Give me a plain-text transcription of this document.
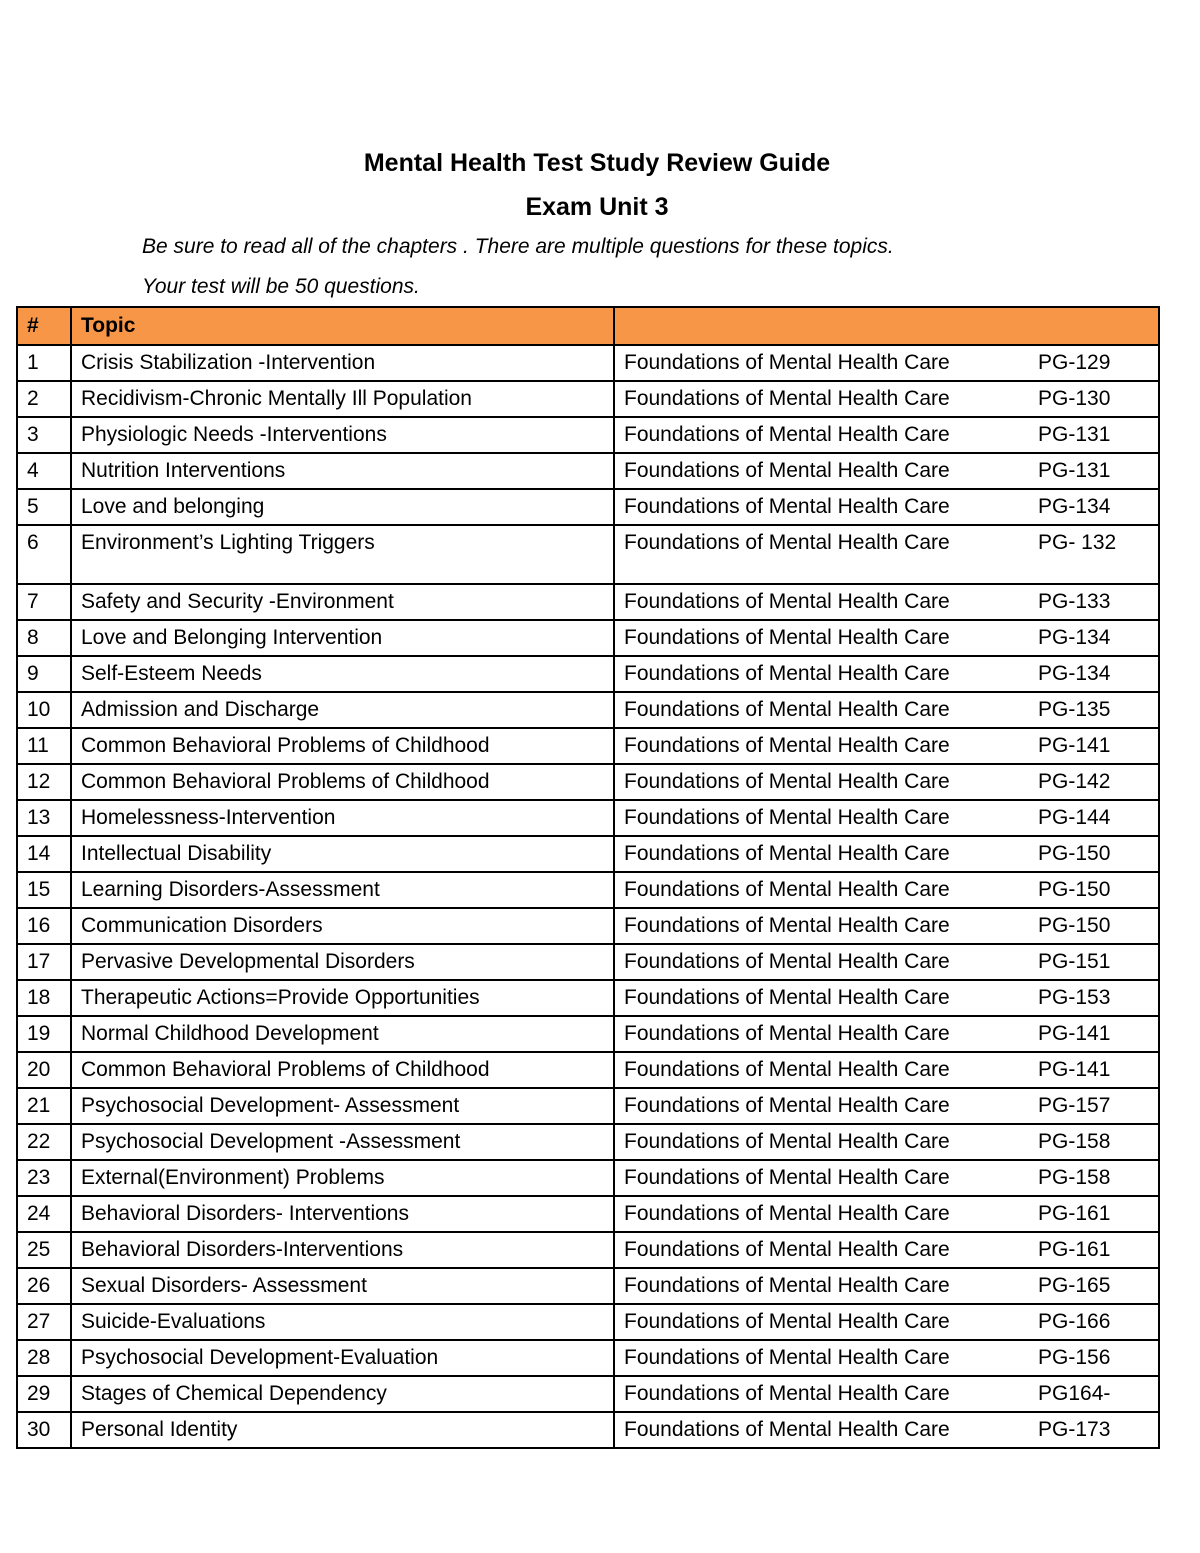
Mental Health Test Study Review Guide
Exam Unit 3
Be sure to read all of the chapters . There are multiple questions for these topics.
Your test will be 50 questions.
#	Topic	
1	Crisis Stabilization -Intervention	Foundations of Mental Health Care PG-129
2	Recidivism-Chronic Mentally Ill Population	Foundations of Mental Health Care PG-130
3	Physiologic Needs -Interventions	Foundations of Mental Health Care PG-131
4	Nutrition Interventions	Foundations of Mental Health Care PG-131
5	Love and belonging	Foundations of Mental Health Care PG-134
6	Environment’s Lighting Triggers	Foundations of Mental Health Care PG- 132
7	Safety and Security -Environment	Foundations of Mental Health Care PG-133
8	Love and Belonging Intervention	Foundations of Mental Health Care PG-134
9	Self-Esteem Needs	Foundations of Mental Health Care PG-134
10	Admission and Discharge	Foundations of Mental Health Care PG-135
11	Common Behavioral Problems of Childhood	Foundations of Mental Health Care PG-141
12	Common Behavioral Problems of Childhood	Foundations of Mental Health Care PG-142
13	Homelessness-Intervention	Foundations of Mental Health Care PG-144
14	Intellectual Disability	Foundations of Mental Health Care PG-150
15	Learning Disorders-Assessment	Foundations of Mental Health Care PG-150
16	Communication Disorders	Foundations of Mental Health Care PG-150
17	Pervasive Developmental Disorders	Foundations of Mental Health Care PG-151
18	Therapeutic Actions=Provide Opportunities	Foundations of Mental Health Care PG-153
19	Normal Childhood Development	Foundations of Mental Health Care PG-141
20	Common Behavioral Problems of Childhood	Foundations of Mental Health Care PG-141
21	Psychosocial Development- Assessment	Foundations of Mental Health Care PG-157
22	Psychosocial Development -Assessment	Foundations of Mental Health Care PG-158
23	External(Environment) Problems	Foundations of Mental Health Care PG-158
24	Behavioral Disorders- Interventions	Foundations of Mental Health Care PG-161
25	Behavioral Disorders-Interventions	Foundations of Mental Health Care PG-161
26	Sexual Disorders- Assessment	Foundations of Mental Health Care PG-165
27	Suicide-Evaluations	Foundations of Mental Health Care PG-166
28	Psychosocial Development-Evaluation	Foundations of Mental Health Care PG-156
29	Stages of Chemical Dependency	Foundations of Mental Health Care PG164-
30	Personal Identity	Foundations of Mental Health Care PG-173
